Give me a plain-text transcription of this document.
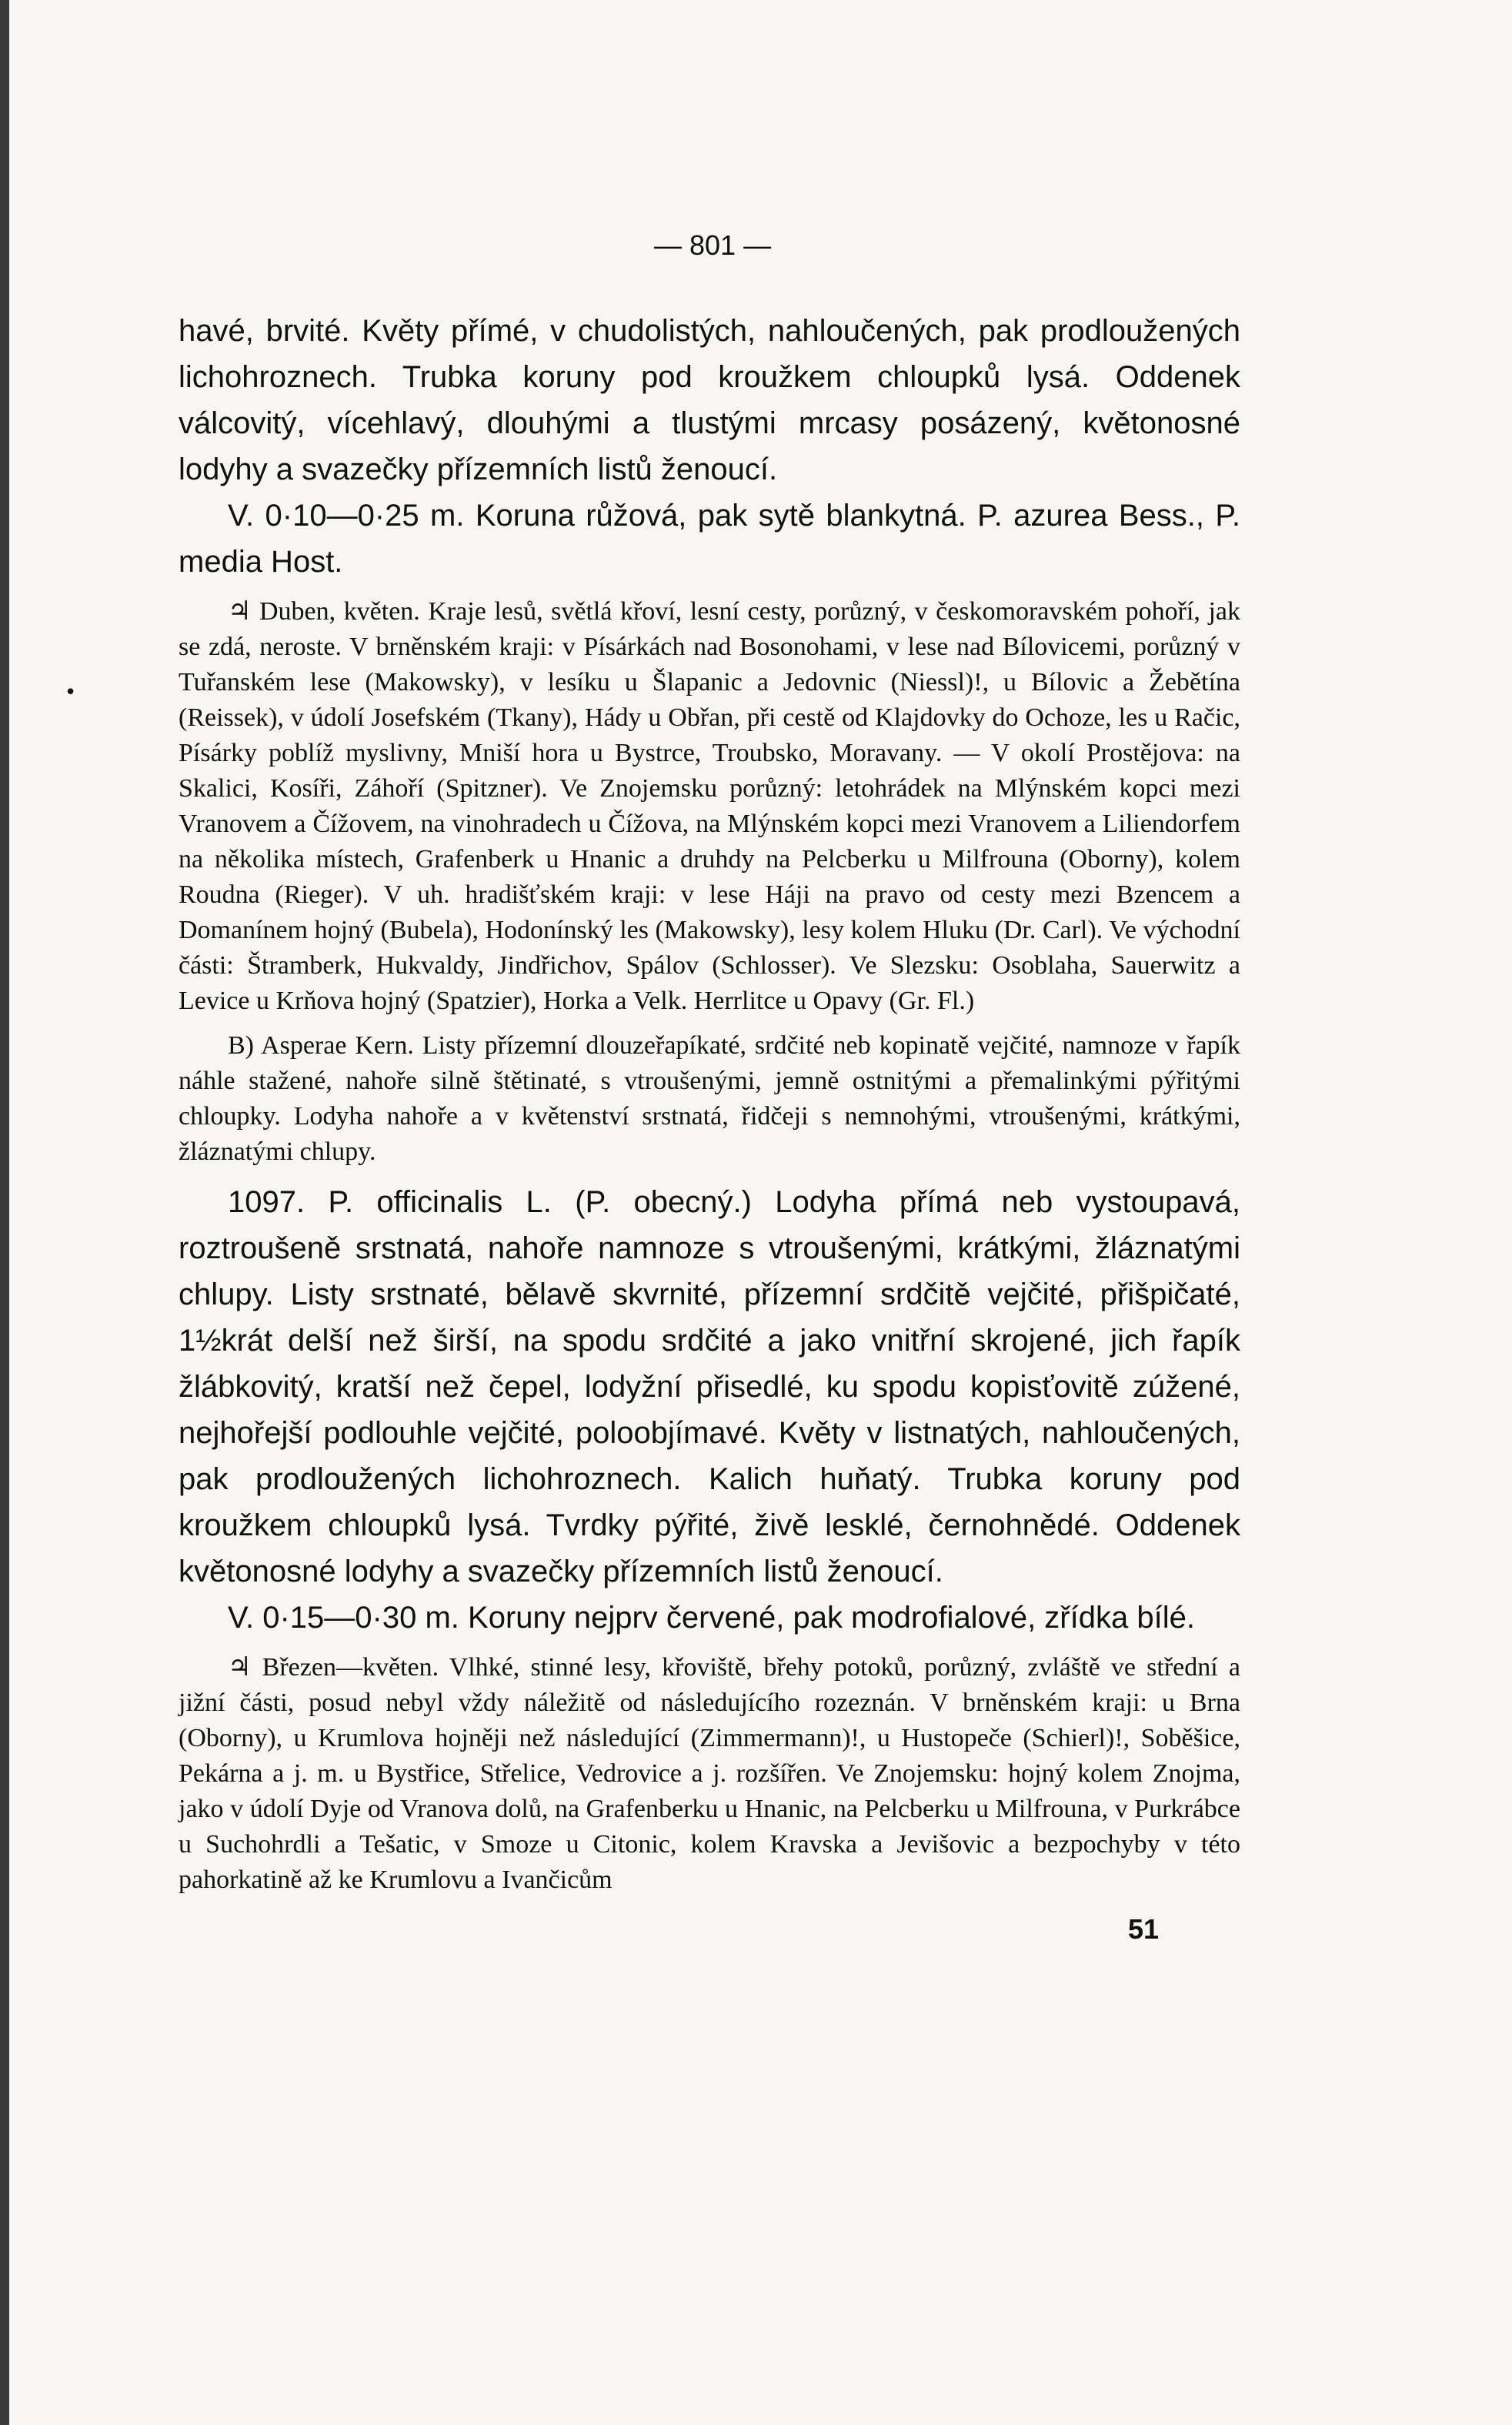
— 801 —
•

havé, brvité. Květy přímé, v chudolistých, nahloučených, pak prodloužených lichohroznech. Trubka koruny pod kroužkem chloupků lysá. Oddenek válcovitý, vícehlavý, dlouhými a tlustými mrcasy posázený, květonosné lodyhy a svazečky přízemních listů ženoucí.

V. 0·10—0·25 m. Koruna růžová, pak sytě blankytná. P. azurea Bess., P. media Host.

♃ Duben, květen. Kraje lesů, světlá křoví, lesní cesty, porůzný, v českomoravském pohoří, jak se zdá, neroste. V brněnském kraji: v Písárkách nad Bosonohami, v lese nad Bílovicemi, porůzný v Tuřanském lese (Makowsky), v lesíku u Šlapanic a Jedovnic (Niessl)!, u Bílovic a Žebětína (Reissek), v údolí Josefském (Tkany), Hády u Obřan, při cestě od Klajdovky do Ochoze, les u Račic, Písárky poblíž myslivny, Mniší hora u Bystrce, Troubsko, Moravany. — V okolí Prostějova: na Skalici, Kosíři, Záhoří (Spitzner). Ve Znojemsku porůzný: letohrádek na Mlýnském kopci mezi Vranovem a Čížovem, na vinohradech u Čížova, na Mlýnském kopci mezi Vranovem a Liliendorfem na několika místech, Grafenberk u Hnanic a druhdy na Pelcberku u Milfrouna (Oborny), kolem Roudna (Rieger). V uh. hradišťském kraji: v lese Háji na pravo od cesty mezi Bzencem a Domanínem hojný (Bubela), Hodonínský les (Makowsky), lesy kolem Hluku (Dr. Carl). Ve východní části: Štramberk, Hukvaldy, Jindřichov, Spálov (Schlosser). Ve Slezsku: Osoblaha, Sauerwitz a Levice u Krňova hojný (Spatzier), Horka a Velk. Herrlitce u Opavy (Gr. Fl.)

B) Asperae Kern. Listy přízemní dlouzeřapíkaté, srdčité neb kopinatě vejčité, namnoze v řapík náhle stažené, nahoře silně štětinaté, s vtroušenými, jemně ostnitými a přemalinkými pýřitými chloupky. Lodyha nahoře a v květenství srstnatá, řidčeji s nemnohými, vtroušenými, krátkými, žláznatými chlupy.

1097. P. officinalis L. (P. obecný.) Lodyha přímá neb vystoupavá, roztroušeně srstnatá, nahoře namnoze s vtroušenými, krátkými, žláznatými chlupy. Listy srstnaté, bělavě skvrnité, přízemní srdčitě vejčité, přišpičaté, 1½krát delší než širší, na spodu srdčité a jako vnitřní skrojené, jich řapík žlábkovitý, kratší než čepel, lodyžní přisedlé, ku spodu kopisťovitě zúžené, nejhořejší podlouhle vejčité, poloobjímavé. Květy v listnatých, nahloučených, pak prodloužených lichohroznech. Kalich huňatý. Trubka koruny pod kroužkem chloupků lysá. Tvrdky pýřité, živě lesklé, černohnědé. Oddenek květonosné lodyhy a svazečky přízemních listů ženoucí.

V. 0·15—0·30 m. Koruny nejprv červené, pak modrofialové, zřídka bílé.

♃ Březen—květen. Vlhké, stinné lesy, křoviště, břehy potoků, porůzný, zvláště ve střední a jižní části, posud nebyl vždy náležitě od následujícího rozeznán. V brněnském kraji: u Brna (Oborny), u Krumlova hojněji než následující (Zimmermann)!, u Hustopeče (Schierl)!, Soběšice, Pekárna a j. m. u Bystřice, Střelice, Vedrovice a j. rozšířen. Ve Znojemsku: hojný kolem Znojma, jako v údolí Dyje od Vranova dolů, na Grafenberku u Hnanic, na Pelcberku u Milfrouna, v Purkrábce u Suchohrdli a Tešatic, v Smoze u Citonic, kolem Kravska a Jevišovic a bezpochyby v této pahorkatině až ke Krumlovu a Ivančicům

51
